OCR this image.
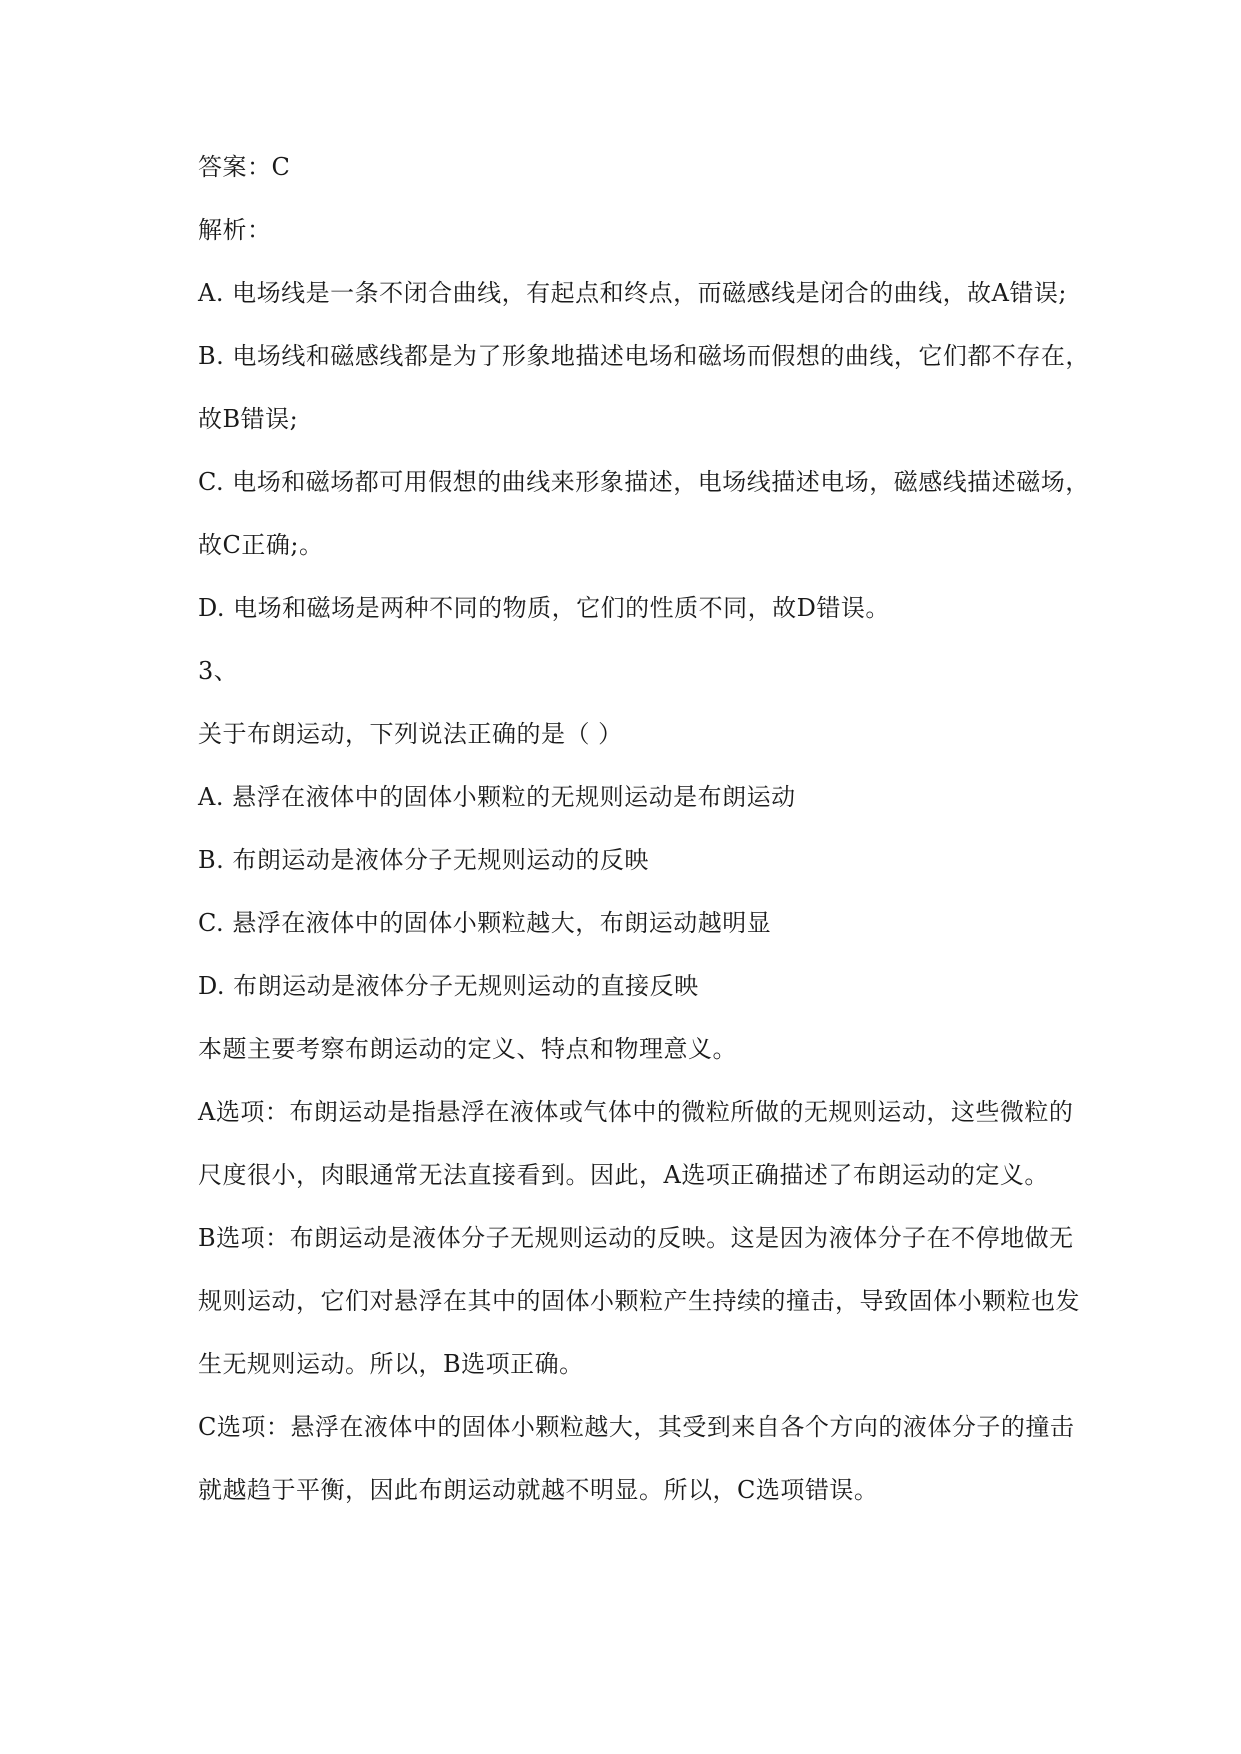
答案：C

解析：

A. 电场线是一条不闭合曲线，有起点和终点，而磁感线是闭合的曲线，故A错误;

B. 电场线和磁感线都是为了形象地描述电场和磁场而假想的曲线，它们都不存在，

故B错误;

C. 电场和磁场都可用假想的曲线来形象描述，电场线描述电场，磁感线描述磁场，

故C正确;。

D. 电场和磁场是两种不同的物质，它们的性质不同，故D错误。

3、

关于布朗运动，下列说法正确的是（ ）

A. 悬浮在液体中的固体小颗粒的无规则运动是布朗运动

B. 布朗运动是液体分子无规则运动的反映

C. 悬浮在液体中的固体小颗粒越大，布朗运动越明显

D. 布朗运动是液体分子无规则运动的直接反映

本题主要考察布朗运动的定义、特点和物理意义。

A选项：布朗运动是指悬浮在液体或气体中的微粒所做的无规则运动，这些微粒的

尺度很小，肉眼通常无法直接看到。因此，A选项正确描述了布朗运动的定义。

B选项：布朗运动是液体分子无规则运动的反映。这是因为液体分子在不停地做无

规则运动，它们对悬浮在其中的固体小颗粒产生持续的撞击，导致固体小颗粒也发

生无规则运动。所以，B选项正确。

C选项：悬浮在液体中的固体小颗粒越大，其受到来自各个方向的液体分子的撞击

就越趋于平衡，因此布朗运动就越不明显。所以，C选项错误。
